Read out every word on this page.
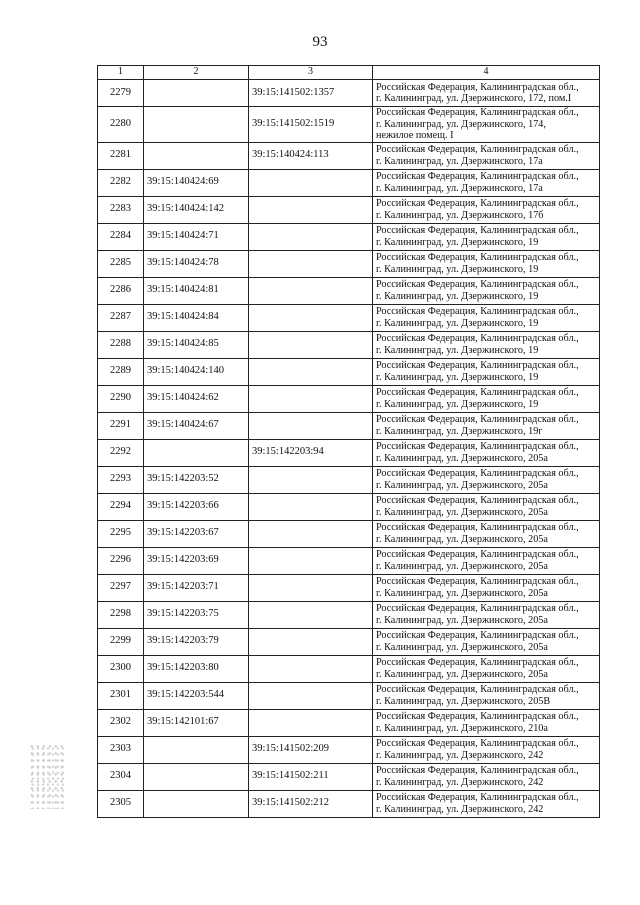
93
1	2	3	4
2279		39:15:141502:1357	Российская Федерация, Калининградская обл.,
г. Калининград, ул. Дзержинского, 172, пом.I

2280		39:15:141502:1519	Российская Федерация, Калининградская обл.,
г. Калининград, ул. Дзержинского, 174,
нежилое помещ. I

2281		39:15:140424:113	Российская Федерация, Калининградская обл.,
г. Калининград, ул. Дзержинского, 17а

2282	39:15:140424:69		Российская Федерация, Калининградская обл.,
г. Калининград, ул. Дзержинского, 17а

2283	39:15:140424:142		Российская Федерация, Калининградская обл.,
г. Калининград, ул. Дзержинского, 17б

2284	39:15:140424:71		Российская Федерация, Калининградская обл.,
г. Калининград, ул. Дзержинского, 19

2285	39:15:140424:78		Российская Федерация, Калининградская обл.,
г. Калининград, ул. Дзержинского, 19

2286	39:15:140424:81		Российская Федерация, Калининградская обл.,
г. Калининград, ул. Дзержинского, 19

2287	39:15:140424:84		Российская Федерация, Калининградская обл.,
г. Калининград, ул. Дзержинского, 19

2288	39:15:140424:85		Российская Федерация, Калининградская обл.,
г. Калининград, ул. Дзержинского, 19

2289	39:15:140424:140		Российская Федерация, Калининградская обл.,
г. Калининград, ул. Дзержинского, 19

2290	39:15:140424:62		Российская Федерация, Калининградская обл.,
г. Калининград, ул. Дзержинского, 19

2291	39:15:140424:67		Российская Федерация, Калининградская обл.,
г. Калининград, ул. Дзержинского, 19г

2292		39:15:142203:94	Российская Федерация, Калининградская обл.,
г. Калининград, ул. Дзержинского, 205а

2293	39:15:142203:52		Российская Федерация, Калининградская обл.,
г. Калининград, ул. Дзержинского, 205а

2294	39:15:142203:66		Российская Федерация, Калининградская обл.,
г. Калининград, ул. Дзержинского, 205а

2295	39:15:142203:67		Российская Федерация, Калининградская обл.,
г. Калининград, ул. Дзержинского, 205а

2296	39:15:142203:69		Российская Федерация, Калининградская обл.,
г. Калининград, ул. Дзержинского, 205а

2297	39:15:142203:71		Российская Федерация, Калининградская обл.,
г. Калининград, ул. Дзержинского, 205а

2298	39:15:142203:75		Российская Федерация, Калининградская обл.,
г. Калининград, ул. Дзержинского, 205а

2299	39:15:142203:79		Российская Федерация, Калининградская обл.,
г. Калининград, ул. Дзержинского, 205а

2300	39:15:142203:80		Российская Федерация, Калининградская обл.,
г. Калининград, ул. Дзержинского, 205а

2301	39:15:142203:544		Российская Федерация, Калининградская обл.,
г. Калининград, ул. Дзержинского, 205В

2302	39:15:142101:67		Российская Федерация, Калининградская обл.,
г. Калининград, ул. Дзержинского, 210а

2303		39:15:141502:209	Российская Федерация, Калининградская обл.,
г. Калининград, ул. Дзержинского, 242

2304		39:15:141502:211	Российская Федерация, Калининградская обл.,
г. Калининград, ул. Дзержинского, 242

2305		39:15:141502:212	Российская Федерация, Калининградская обл.,
г. Калининград, ул. Дзержинского, 242
